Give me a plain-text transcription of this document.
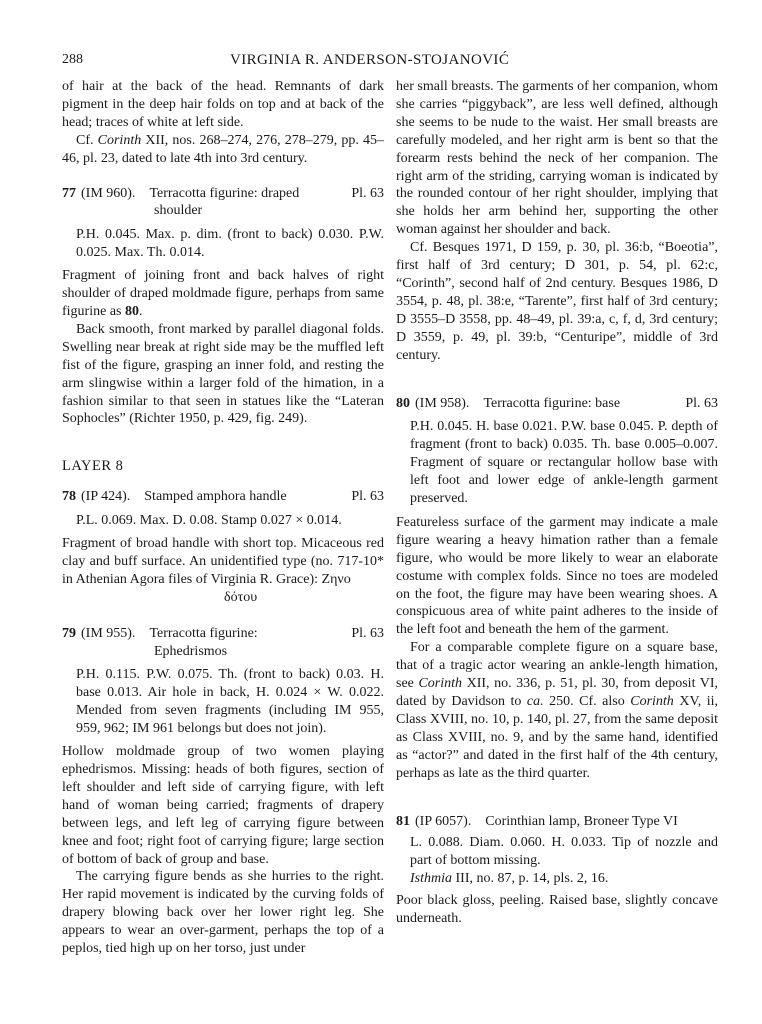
288	VIRGINIA R. ANDERSON-STOJANOVIĆ

of hair at the back of the head. Remnants of dark pigment in the deep hair folds on top and at back of the head; traces of white at left side.

Cf. Corinth XII, nos. 268–274, 276, 278–279, pp. 45–46, pl. 23, dated to late 4th into 3rd century.

77 (IM 960). Terracotta figurine: draped	Pl. 63

shoulder

P.H. 0.045. Max. p. dim. (front to back) 0.030. P.W. 0.025. Max. Th. 0.014.

Fragment of joining front and back halves of right shoulder of draped moldmade figure, perhaps from same figurine as 80.

Back smooth, front marked by parallel diagonal folds. Swelling near break at right side may be the muffled left fist of the figure, grasping an inner fold, and resting the arm slingwise within a larger fold of the himation, in a fashion similar to that seen in statues like the “Lateran Sophocles” (Richter 1950, p. 429, fig. 249).

LAYER 8

78 (IP 424). Stamped amphora handle	Pl. 63

P.L. 0.069. Max. D. 0.08. Stamp 0.027 × 0.014.

Fragment of broad handle with short top. Micaceous red clay and buff surface. An unidentified type (no. 717-10* in Athenian Agora files of Virginia R. Grace): Ζηνο

δότου

79 (IM 955). Terracotta figurine:	Pl. 63

Ephedrismos

P.H. 0.115. P.W. 0.075. Th. (front to back) 0.03. H. base 0.013. Air hole in back, H. 0.024 × W. 0.022. Mended from seven fragments (including IM 955, 959, 962; IM 961 belongs but does not join).

Hollow moldmade group of two women playing ephedrismos. Missing: heads of both figures, section of left shoulder and left side of carrying figure, with left hand of woman being carried; fragments of drapery between legs, and left leg of carrying figure between knee and foot; right foot of carrying figure; large section of bottom of back of group and base.

The carrying figure bends as she hurries to the right. Her rapid movement is indicated by the curving folds of drapery blowing back over her lower right leg. She appears to wear an over-garment, perhaps the top of a peplos, tied high up on her torso, just under

her small breasts. The garments of her companion, whom she carries “piggyback”, are less well defined, although she seems to be nude to the waist. Her small breasts are carefully modeled, and her right arm is bent so that the forearm rests behind the neck of her companion. The right arm of the striding, carrying woman is indicated by the rounded contour of her right shoulder, implying that she holds her arm behind her, supporting the other woman against her shoulder and back.

Cf. Besques 1971, D 159, p. 30, pl. 36:b, “Boeotia”, first half of 3rd century; D 301, p. 54, pl. 62:c, “Corinth”, second half of 2nd century. Besques 1986, D 3554, p. 48, pl. 38:e, “Tarente”, first half of 3rd century; D 3555–D 3558, pp. 48–49, pl. 39:a, c, f, d, 3rd century; D 3559, p. 49, pl. 39:b, “Centuripe”, middle of 3rd century.

80 (IM 958). Terracotta figurine: base	Pl. 63

P.H. 0.045. H. base 0.021. P.W. base 0.045. P. depth of fragment (front to back) 0.035. Th. base 0.005–0.007. Fragment of square or rectangular hollow base with left foot and lower edge of ankle-length garment preserved.

Featureless surface of the garment may indicate a male figure wearing a heavy himation rather than a female figure, who would be more likely to wear an elaborate costume with complex folds. Since no toes are modeled on the foot, the figure may have been wearing shoes. A conspicuous area of white paint adheres to the inside of the left foot and beneath the hem of the garment.

For a comparable complete figure on a square base, that of a tragic actor wearing an ankle-length himation, see Corinth XII, no. 336, p. 51, pl. 30, from deposit VI, dated by Davidson to ca. 250. Cf. also Corinth XV, ii, Class XVIII, no. 10, p. 140, pl. 27, from the same deposit as Class XVIII, no. 9, and by the same hand, identified as “actor?” and dated in the first half of the 4th century, perhaps as late as the third quarter.

81 (IP 6057). Corinthian lamp, Broneer Type VI

L. 0.088. Diam. 0.060. H. 0.033. Tip of nozzle and part of bottom missing.

Isthmia III, no. 87, p. 14, pls. 2, 16.

Poor black gloss, peeling. Raised base, slightly concave underneath.
